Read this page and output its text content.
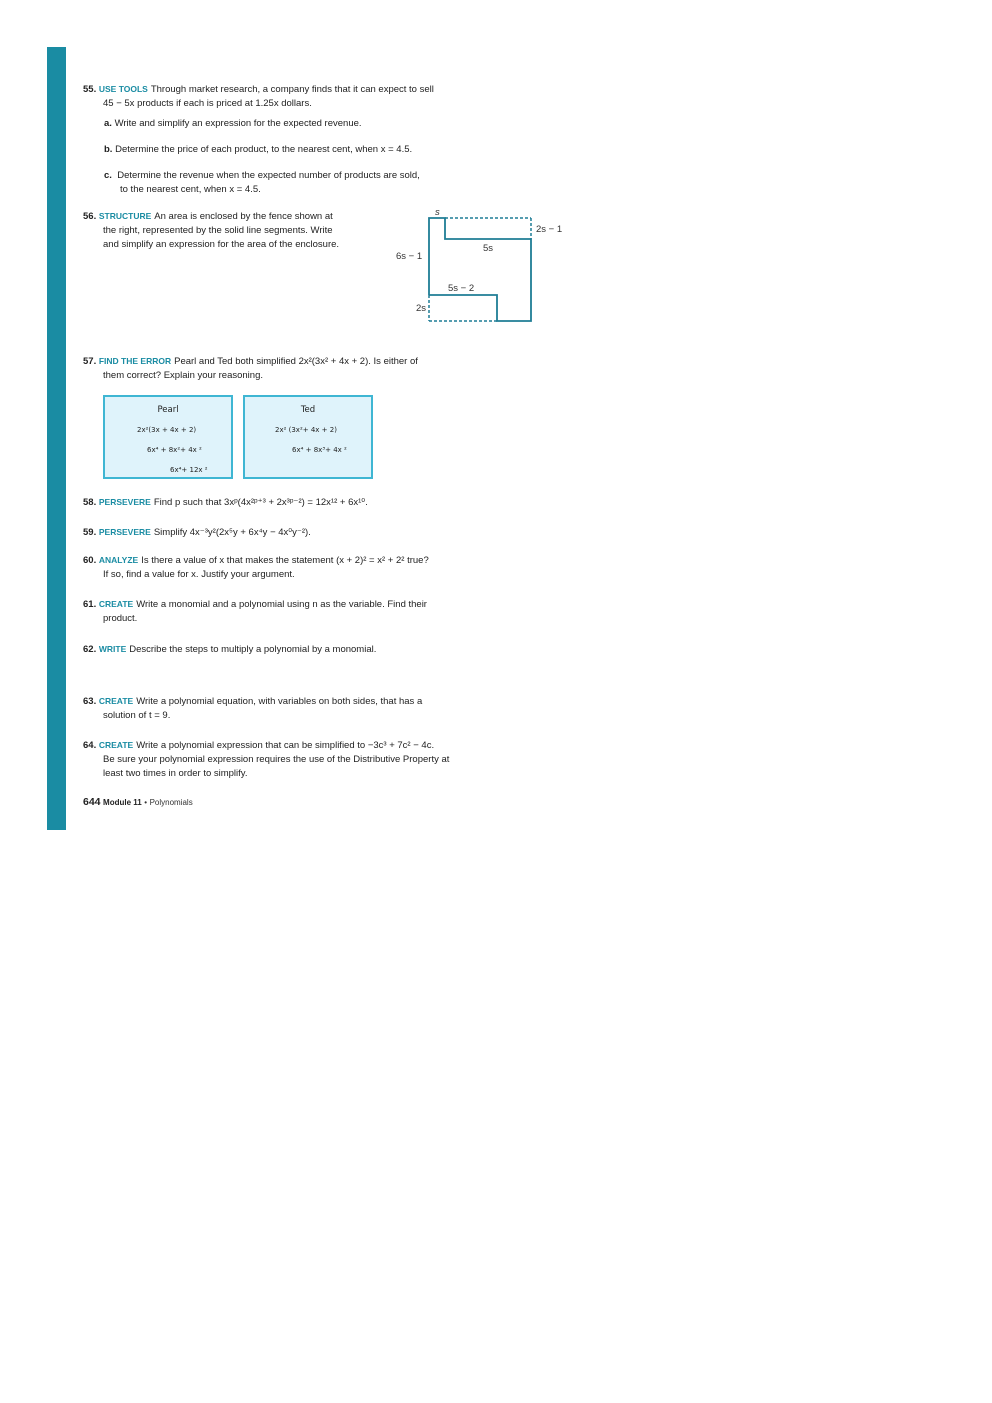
55. USE TOOLS Through market research, a company finds that it can expect to sell
45 − 5x products if each is priced at 1.25x dollars.
a. Write and simplify an expression for the expected revenue.
b. Determine the price of each product, to the nearest cent, when x = 4.5.
c. Determine the revenue when the expected number of products are sold,
to the nearest cent, when x = 4.5.
56. STRUCTURE An area is enclosed by the fence shown at
the right, represented by the solid line segments. Write
and simplify an expression for the area of the enclosure.
s
2s − 1
5s
6s − 1
5s − 2
2s
57. FIND THE ERROR Pearl and Ted both simplified 2x²(3x² + 4x + 2). Is either of
them correct? Explain your reasoning.
Pearl
2x²(3x + 4x + 2)
6x⁴ + 8x²+ 4x ²
6x⁴+ 12x ²
Ted
2x² (3x²+ 4x + 2)
6x⁴ + 8x³+ 4x ²
58. PERSEVERE Find p such that 3xᵖ(4x²ᵖ⁺³ + 2x³ᵖ⁻²) = 12x¹² + 6x¹⁰.
59. PERSEVERE Simplify 4x⁻³y²(2x⁵y + 6x⁴y − 4x⁰y⁻²).
60. ANALYZE Is there a value of x that makes the statement (x + 2)² = x² + 2² true?
If so, find a value for x. Justify your argument.
61. CREATE Write a monomial and a polynomial using n as the variable. Find their
product.
62. WRITE Describe the steps to multiply a polynomial by a monomial.
63. CREATE Write a polynomial equation, with variables on both sides, that has a
solution of t = 9.
64. CREATE Write a polynomial expression that can be simplified to −3c³ + 7c² − 4c.
Be sure your polynomial expression requires the use of the Distributive Property at
least two times in order to simplify.
644 Module 11 • Polynomials
